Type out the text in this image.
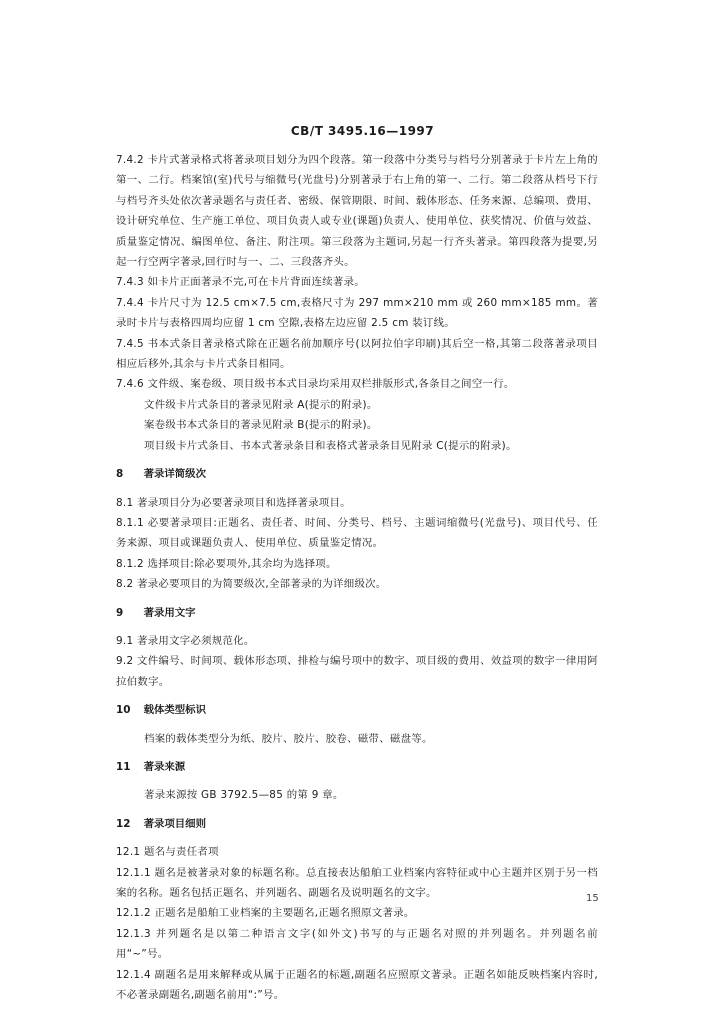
CB/T 3495.16—1997

7.4.2 卡片式著录格式将著录项目划分为四个段落。第一段落中分类号与档号分别著录于卡片左上角的第一、二行。档案馆(室)代号与缩微号(光盘号)分别著录于右上角的第一、二行。第二段落从档号下行与档号齐头处依次著录题名与责任者、密级、保管期限、时间、载体形态、任务来源、总编项、费用、设计研究单位、生产施工单位、项目负责人或专业(课题)负责人、使用单位、获奖情况、价值与效益、质量鉴定情况、编图单位、备注、附注项。第三段落为主题词,另起一行齐头著录。第四段落为提要,另起一行空两字著录,回行时与一、二、三段落齐头。

7.4.3 如卡片正面著录不完,可在卡片背面连续著录。

7.4.4 卡片尺寸为 12.5 cm×7.5 cm,表格尺寸为 297 mm×210 mm 或 260 mm×185 mm。著录时卡片与表格四周均应留 1 cm 空隙,表格左边应留 2.5 cm 装订线。

7.4.5 书本式条目著录格式除在正题名前加顺序号(以阿拉伯字印刷)其后空一格,其第二段落著录项目相应后移外,其余与卡片式条目相同。

7.4.6 文件级、案卷级、项目级书本式目录均采用双栏排版形式,各条目之间空一行。

文件级卡片式条目的著录见附录 A(提示的附录)。

案卷级书本式条目的著录见附录 B(提示的附录)。

项目级卡片式条目、书本式著录条目和表格式著录条目见附录 C(提示的附录)。

8 著录详简级次

8.1 著录项目分为必要著录项目和选择著录项目。

8.1.1 必要著录项目:正题名、责任者、时间、分类号、档号、主题词缩微号(光盘号)、项目代号、任务来源、项目或课题负责人、使用单位、质量鉴定情况。

8.1.2 选择项目:除必要项外,其余均为选择项。

8.2 著录必要项目的为简要级次,全部著录的为详细级次。

9 著录用文字

9.1 著录用文字必须规范化。

9.2 文件编号、时间项、载体形态项、排检与编号项中的数字、项目级的费用、效益项的数字一律用阿拉伯数字。

10 载体类型标识

档案的载体类型分为纸、胶片、胶片、胶卷、磁带、磁盘等。

11 著录来源

著录来源按 GB 3792.5—85 的第 9 章。

12 著录项目细则

12.1 题名与责任者项

12.1.1 题名是被著录对象的标题名称。总直接表达船舶工业档案内容特征或中心主题并区别于另一档案的名称。题名包括正题名、并列题名、副题名及说明题名的文字。

12.1.2 正题名是船舶工业档案的主要题名,正题名照原文著录。

12.1.3 并列题名是以第二种语言文字(如外文)书写的与正题名对照的并列题名。并列题名前用“~”号。

12.1.4 副题名是用来解释或从属于正题名的标题,副题名应照原文著录。正题名如能反映档案内容时,不必著录副题名,副题名前用“:”号。

15
